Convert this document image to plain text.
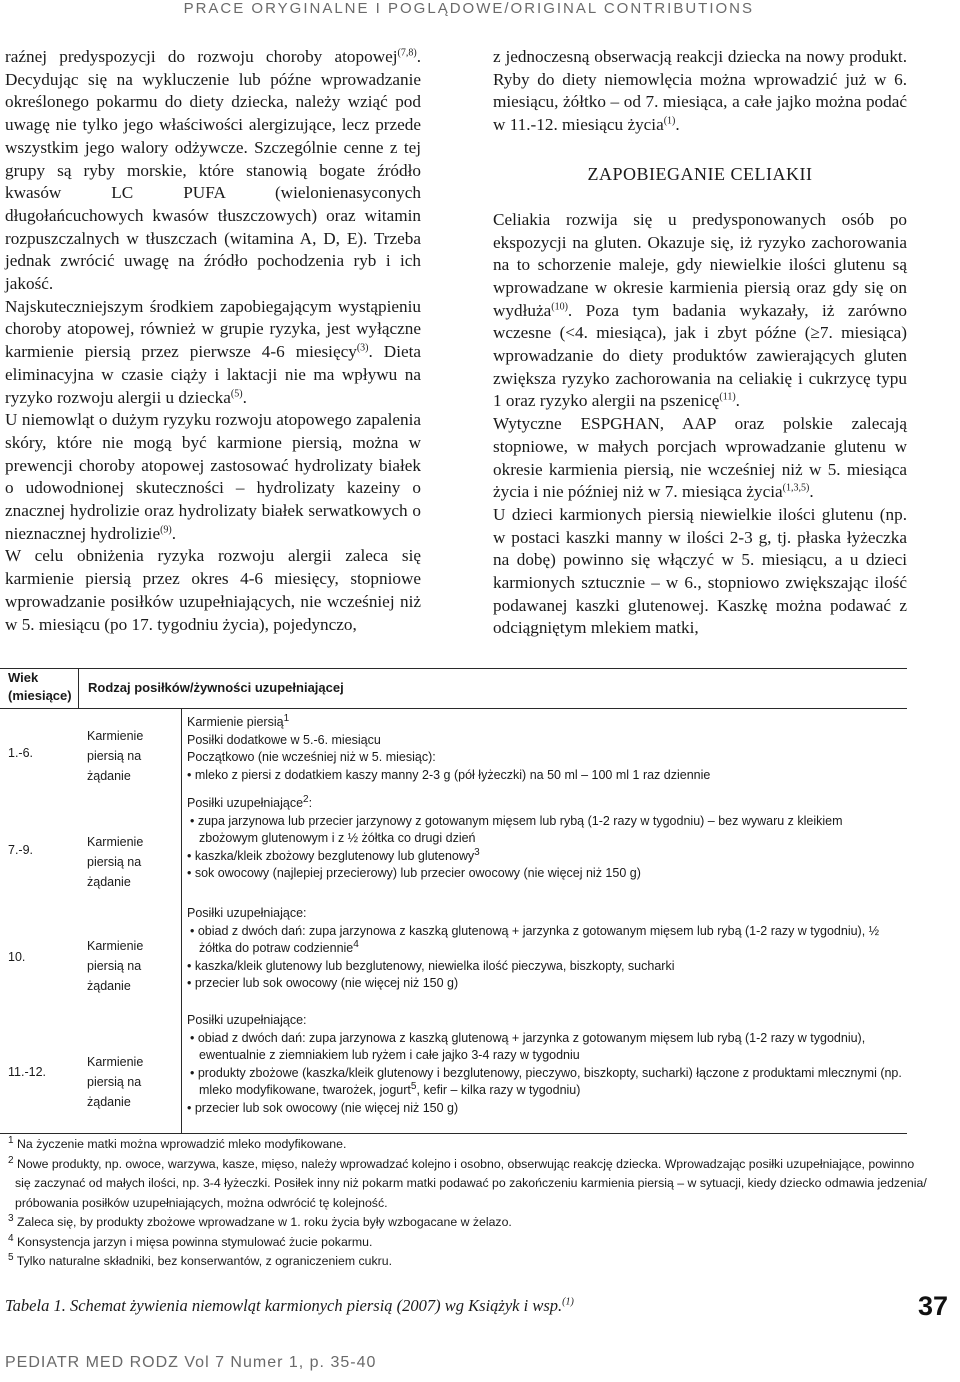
PRACE ORYGINALNE I POGLĄDOWE/ORIGINAL CONTRIBUTIONS

raźnej predyspozycji do rozwoju choroby atopowej$^{(7,8)}$. Decydując się na wykluczenie lub późne wprowadzanie określonego pokarmu do diety dziecka, należy wziąć pod uwagę nie tylko jego właściwości alergizujące, lecz przede wszystkim jego walory odżywcze. Szczególnie cenne z tej grupy są ryby morskie, które stanowią bogate źródło kwasów LC PUFA (wielonienasyconych długołańcuchowych kwasów tłuszczowych) oraz witamin rozpuszczalnych w tłuszczach (witamina A, D, E). Trzeba jednak zwrócić uwagę na źródło pochodzenia ryb i ich jakość.

Najskuteczniejszym środkiem zapobiegającym wystąpieniu choroby atopowej, również w grupie ryzyka, jest wyłączne karmienie piersią przez pierwsze 4-6 miesięcy$^{(3)}$. Dieta eliminacyjna w czasie ciąży i laktacji nie ma wpływu na ryzyko rozwoju alergii u dziecka$^{(5)}$.

U niemowląt o dużym ryzyku rozwoju atopowego zapalenia skóry, które nie mogą być karmione piersią, można w prewencji choroby atopowej zastosować hydrolizaty białek o udowodnionej skuteczności – hydrolizaty kazeiny o znacznej hydrolizie oraz hydrolizaty białek serwatkowych o nieznacznej hydrolizie$^{(9)}$.

W celu obniżenia ryzyka rozwoju alergii zaleca się karmienie piersią przez okres 4-6 miesięcy, stopniowe wprowadzanie posiłków uzupełniających, nie wcześniej niż w 5. miesiącu (po 17. tygodniu życia), pojedynczo,

z jednoczesną obserwacją reakcji dziecka na nowy produkt. Ryby do diety niemowlęcia można wprowadzić już w 6. miesiącu, żółtko – od 7. miesiąca, a całe jajko można podać w 11.-12. miesiącu życia$^{(1)}$.

ZAPOBIEGANIE CELIAKII

Celiakia rozwija się u predysponowanych osób po ekspozycji na gluten. Okazuje się, iż ryzyko zachorowania na to schorzenie maleje, gdy niewielkie ilości glutenu są wprowadzane w okresie karmienia piersią oraz gdy się on wydłuża$^{(10)}$. Poza tym badania wykazały, iż zarówno wczesne (<4. miesiąca), jak i zbyt późne (≥7. miesiąca) wprowadzanie do diety produktów zawierających gluten zwiększa ryzyko zachorowania na celiakię i cukrzycę typu 1 oraz ryzyko alergii na pszenicę$^{(11)}$.

Wytyczne ESPGHAN, AAP oraz polskie zalecają stopniowe, w małych porcjach wprowadzanie glutenu w okresie karmienia piersią, nie wcześniej niż w 5. miesiąca życia i nie później niż w 7. miesiąca życia$^{(1,3,5)}$.

U dzieci karmionych piersią niewielkie ilości glutenu (np. w postaci kaszki manny w ilości 2-3 g, tj. płaska łyżeczka na dobę) powinno się włączyć w 5. miesiącu, a u dzieci karmionych sztucznie – w 6., stopniowo zwiększając ilość podawanej kaszki glutenowej. Kaszkę można podawać z odciągniętym mlekiem matki,

Wiek (miesiące)
Rodzaj posiłków/żywności uzupełniającej
1.-6.
Karmienie piersią na żądanie
Karmienie piersią$^1$
Posiłki dodatkowe w 5.-6. miesiącu
Początkowo (nie wcześniej niż w 5. miesiąc):
• mleko z piersi z dodatkiem kaszy manny 2-3 g (pół łyżeczki) na 50 ml – 100 ml 1 raz dziennie
7.-9.
Karmienie piersią na żądanie
Posiłki uzupełniające$^2$:
• zupa jarzynowa lub przecier jarzynowy z gotowanym mięsem lub rybą (1-2 razy w tygodniu) – bez wywaru z kleikiem zbożowym glutenowym i z ½ żółtka co drugi dzień
• kaszka/kleik zbożowy bezglutenowy lub glutenowy$^3$
• sok owocowy (najlepiej przecierowy) lub przecier owocowy (nie więcej niż 150 g)
10.
Karmienie piersią na żądanie
Posiłki uzupełniające:
• obiad z dwóch dań: zupa jarzynowa z kaszką glutenową + jarzynka z gotowanym mięsem lub rybą (1-2 razy w tygodniu), ½ żółtka do potraw codziennie$^4$
• kaszka/kleik glutenowy lub bezglutenowy, niewielka ilość pieczywa, biszkopty, sucharki
• przecier lub sok owocowy (nie więcej niż 150 g)
11.-12.
Karmienie piersią na żądanie
Posiłki uzupełniające:
• obiad z dwóch dań: zupa jarzynowa z kaszką glutenową + jarzynka z gotowanym mięsem lub rybą (1-2 razy w tygodniu), ewentualnie z ziemniakiem lub ryżem i całe jajko 3-4 razy w tygodniu
• produkty zbożowe (kaszka/kleik glutenowy i bezglutenowy, pieczywo, biszkopty, sucharki) łączone z produktami mlecznymi (np. mleko modyfikowane, twarożek, jogurt$^5$, kefir – kilka razy w tygodniu)
• przecier lub sok owocowy (nie więcej niż 150 g)
$^1$ Na życzenie matki można wprowadzić mleko modyfikowane.
$^2$ Nowe produkty, np. owoce, warzywa, kasze, mięso, należy wprowadzać kolejno i osobno, obserwując reakcję dziecka. Wprowadzając posiłki uzupełniające, powinno
się zaczynać od małych ilości, np. 3-4 łyżeczki. Posiłek inny niż pokarm matki podawać po zakończeniu karmienia piersią – w sytuacji, kiedy dziecko odmawia jedzenia/
próbowania posiłków uzupełniających, można odwrócić tę kolejność.
$^3$ Zaleca się, by produkty zbożowe wprowadzane w 1. roku życia były wzbogacane w żelazo.
$^4$ Konsystencja jarzyn i mięsa powinna stymulować żucie pokarmu.
$^5$ Tylko naturalne składniki, bez konserwantów, z ograniczeniem cukru.
Tabela 1. Schemat żywienia niemowląt karmionych piersią (2007) wg Książyk i wsp.$^{(1)}$	37
PEDIATR MED RODZ Vol 7 Numer 1, p. 35-40
